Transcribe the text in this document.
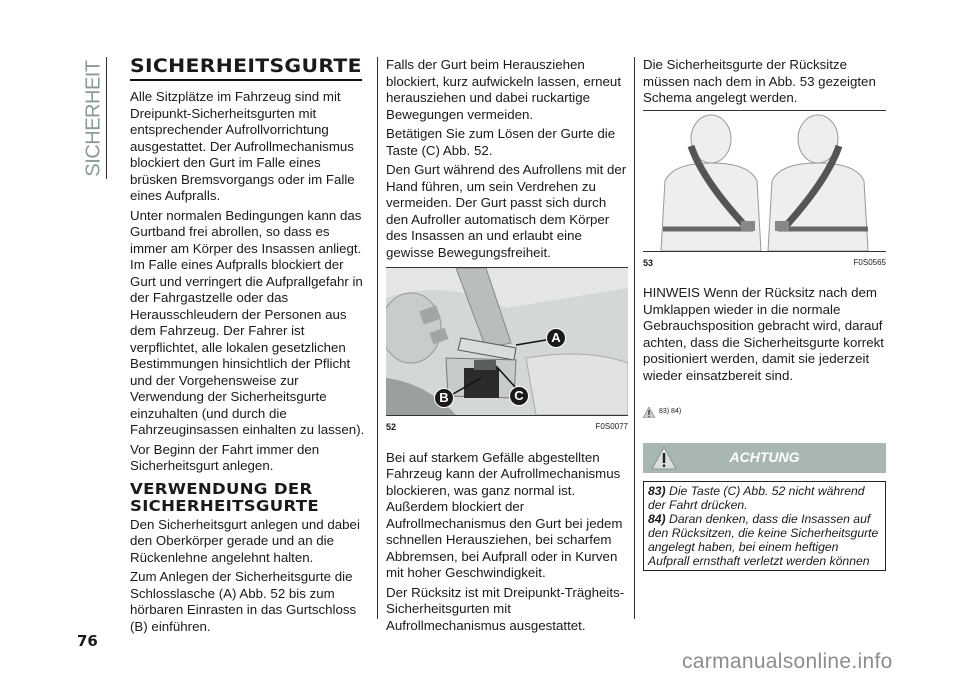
SICHERHEIT SICHERHEITSGURTE

Alle Sitzplätze im Fahrzeug sind mit Dreipunkt-Sicherheitsgurten mit entsprechender Aufrollvorrichtung ausgestattet. Der Aufrollmechanismus blockiert den Gurt im Falle eines brüsken Bremsvorgangs oder im Falle eines Aufpralls.

Unter normalen Bedingungen kann das Gurtband frei abrollen, so dass es immer am Körper des Insassen anliegt. Im Falle eines Aufpralls blockiert der Gurt und verringert die Aufprallgefahr in der Fahrgastzelle oder das Herausschleudern der Personen aus dem Fahrzeug. Der Fahrer ist verpflichtet, alle lokalen gesetzlichen Bestimmungen hinsichtlich der Pflicht und der Vorgehensweise zur Verwendung der Sicherheitsgurte einzuhalten (und durch die Fahrzeuginsassen einhalten zu lassen).

Vor Beginn der Fahrt immer den Sicherheitsgurt anlegen.

VERWENDUNG DER SICHERHEITSGURTE

Den Sicherheitsgurt anlegen und dabei den Oberkörper gerade und an die Rückenlehne angelehnt halten.

Zum Anlegen der Sicherheitsgurte die Schlosslasche (A) Abb. 52 bis zum hörbaren Einrasten in das Gurtschloss (B) einführen.

Falls der Gurt beim Herausziehen blockiert, kurz aufwickeln lassen, erneut herausziehen und dabei ruckartige Bewegungen vermeiden.

Betätigen Sie zum Lösen der Gurte die Taste (C) Abb. 52.

Den Gurt während des Aufrollens mit der Hand führen, um sein Verdrehen zu vermeiden. Der Gurt passt sich durch den Aufroller automatisch dem Körper des Insassen an und erlaubt eine gewisse Bewegungsfreiheit.

A
B	C
52	F0S0077

Bei auf starkem Gefälle abgestellten Fahrzeug kann der Aufrollmechanismus blockieren, was ganz normal ist. Außerdem blockiert der Aufrollmechanismus den Gurt bei jedem schnellen Herausziehen, bei scharfem Abbremsen, bei Aufprall oder in Kurven mit hoher Geschwindigkeit.

Der Rücksitz ist mit Dreipunkt-Trägheits-Sicherheitsgurten mit Aufrollmechanismus ausgestattet.

Die Sicherheitsgurte der Rücksitze müssen nach dem in Abb. 53 gezeigten Schema angelegt werden.

53	F0S0565

HINWEIS Wenn der Rücksitz nach dem Umklappen wieder in die normale Gebrauchsposition gebracht wird, darauf achten, dass die Sicherheitsgurte korrekt positioniert werden, damit sie jederzeit wieder einsatzbereit sind.

83) 84)
ACHTUNG
83) Die Taste (C) Abb. 52 nicht während der Fahrt drücken.
84) Daran denken, dass die Insassen auf den Rücksitzen, die keine Sicherheitsgurte angelegt haben, bei einem heftigen Aufprall ernsthaft verletzt werden können
76
carmanualsonline.info
